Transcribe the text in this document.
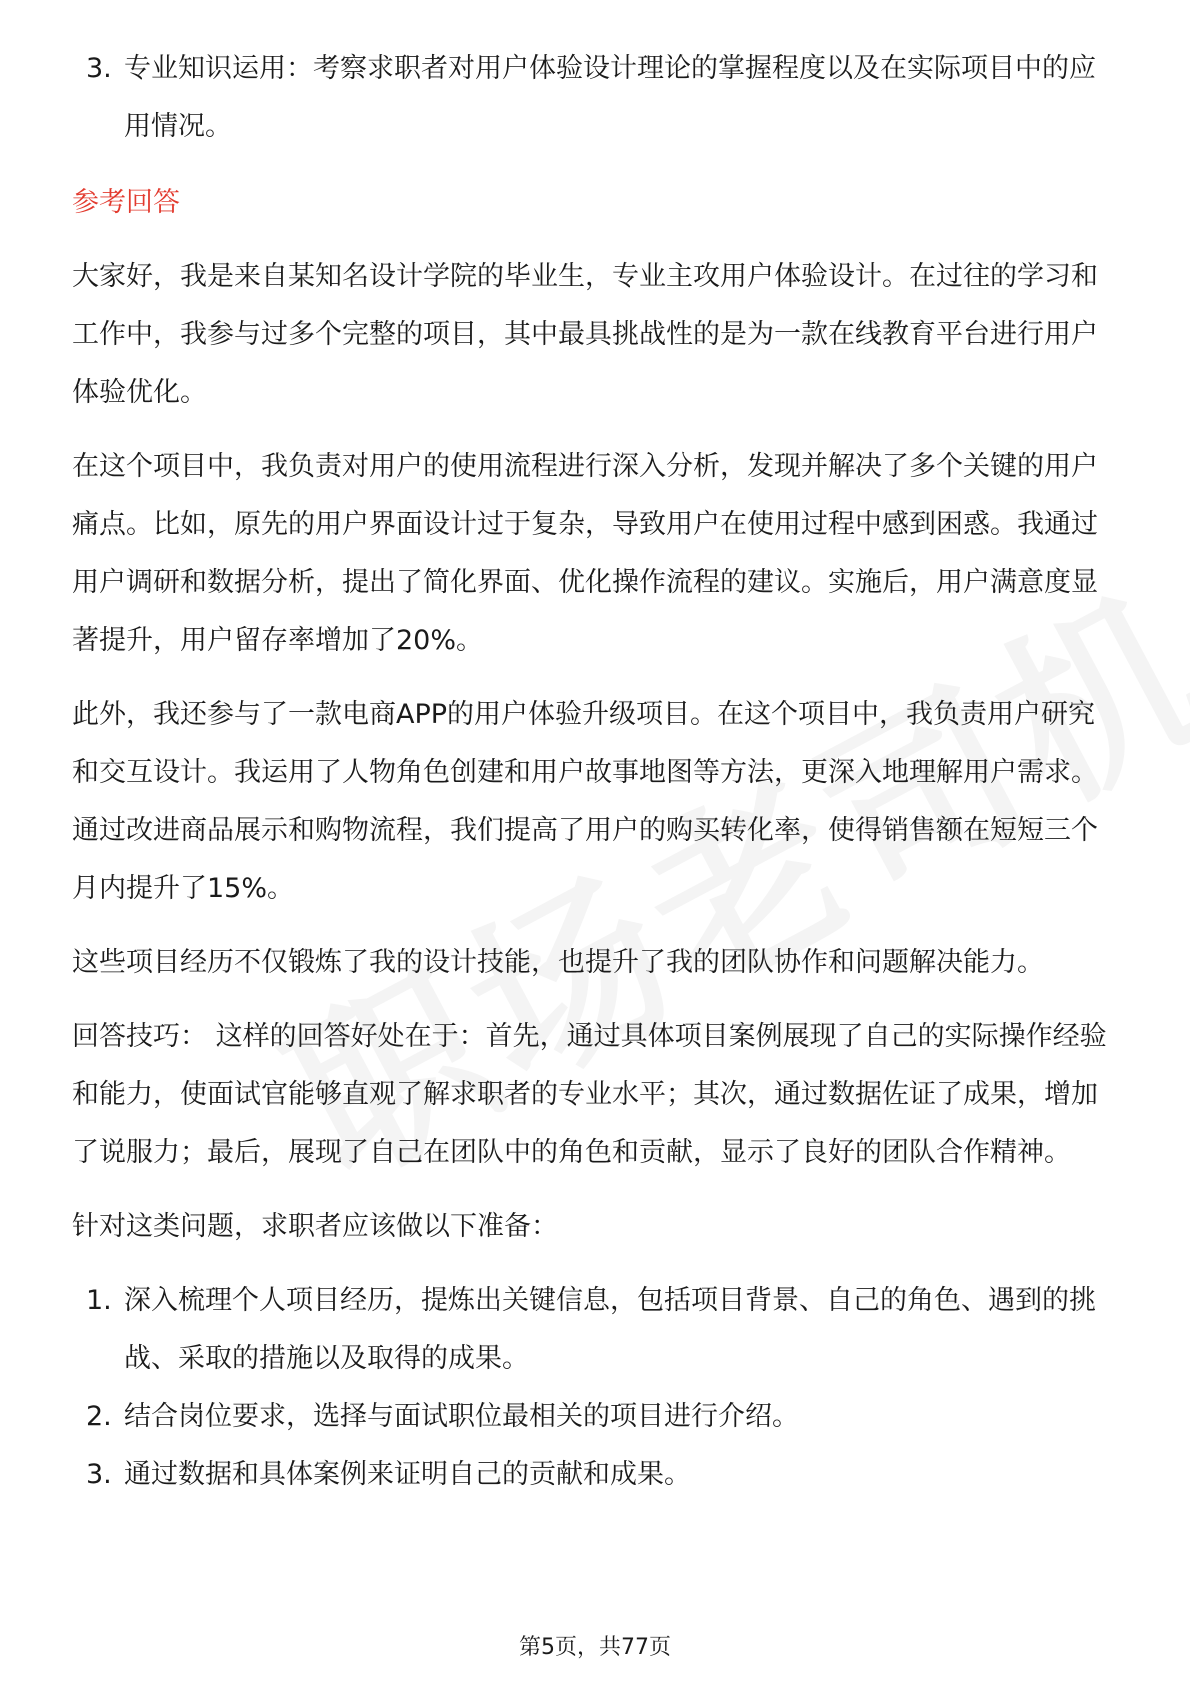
3. 专业知识运用：考察求职者对用户体验设计理论的掌握程度以及在实际项目中的应用情况。
参考回答

大家好，我是来自某知名设计学院的毕业生，专业主攻用户体验设计。在过往的学习和工作中，我参与过多个完整的项目，其中最具挑战性的是为一款在线教育平台进行用户体验优化。

在这个项目中，我负责对用户的使用流程进行深入分析，发现并解决了多个关键的用户痛点。比如，原先的用户界面设计过于复杂，导致用户在使用过程中感到困惑。我通过用户调研和数据分析，提出了简化界面、优化操作流程的建议。实施后，用户满意度显著提升，用户留存率增加了20%。

此外，我还参与了一款电商APP的用户体验升级项目。在这个项目中，我负责用户研究和交互设计。我运用了人物角色创建和用户故事地图等方法，更深入地理解用户需求。通过改进商品展示和购物流程，我们提高了用户的购买转化率，使得销售额在短短三个月内提升了15%。

这些项目经历不仅锻炼了我的设计技能，也提升了我的团队协作和问题解决能力。

回答技巧： 这样的回答好处在于：首先，通过具体项目案例展现了自己的实际操作经验和能力，使面试官能够直观了解求职者的专业水平；其次，通过数据佐证了成果，增加了说服力；最后，展现了自己在团队中的角色和贡献，显示了良好的团队合作精神。

针对这类问题，求职者应该做以下准备：

1. 深入梳理个人项目经历，提炼出关键信息，包括项目背景、自己的角色、遇到的挑战、采取的措施以及取得的成果。
2. 结合岗位要求，选择与面试职位最相关的项目进行介绍。
3. 通过数据和具体案例来证明自己的贡献和成果。
第5页，共77页
